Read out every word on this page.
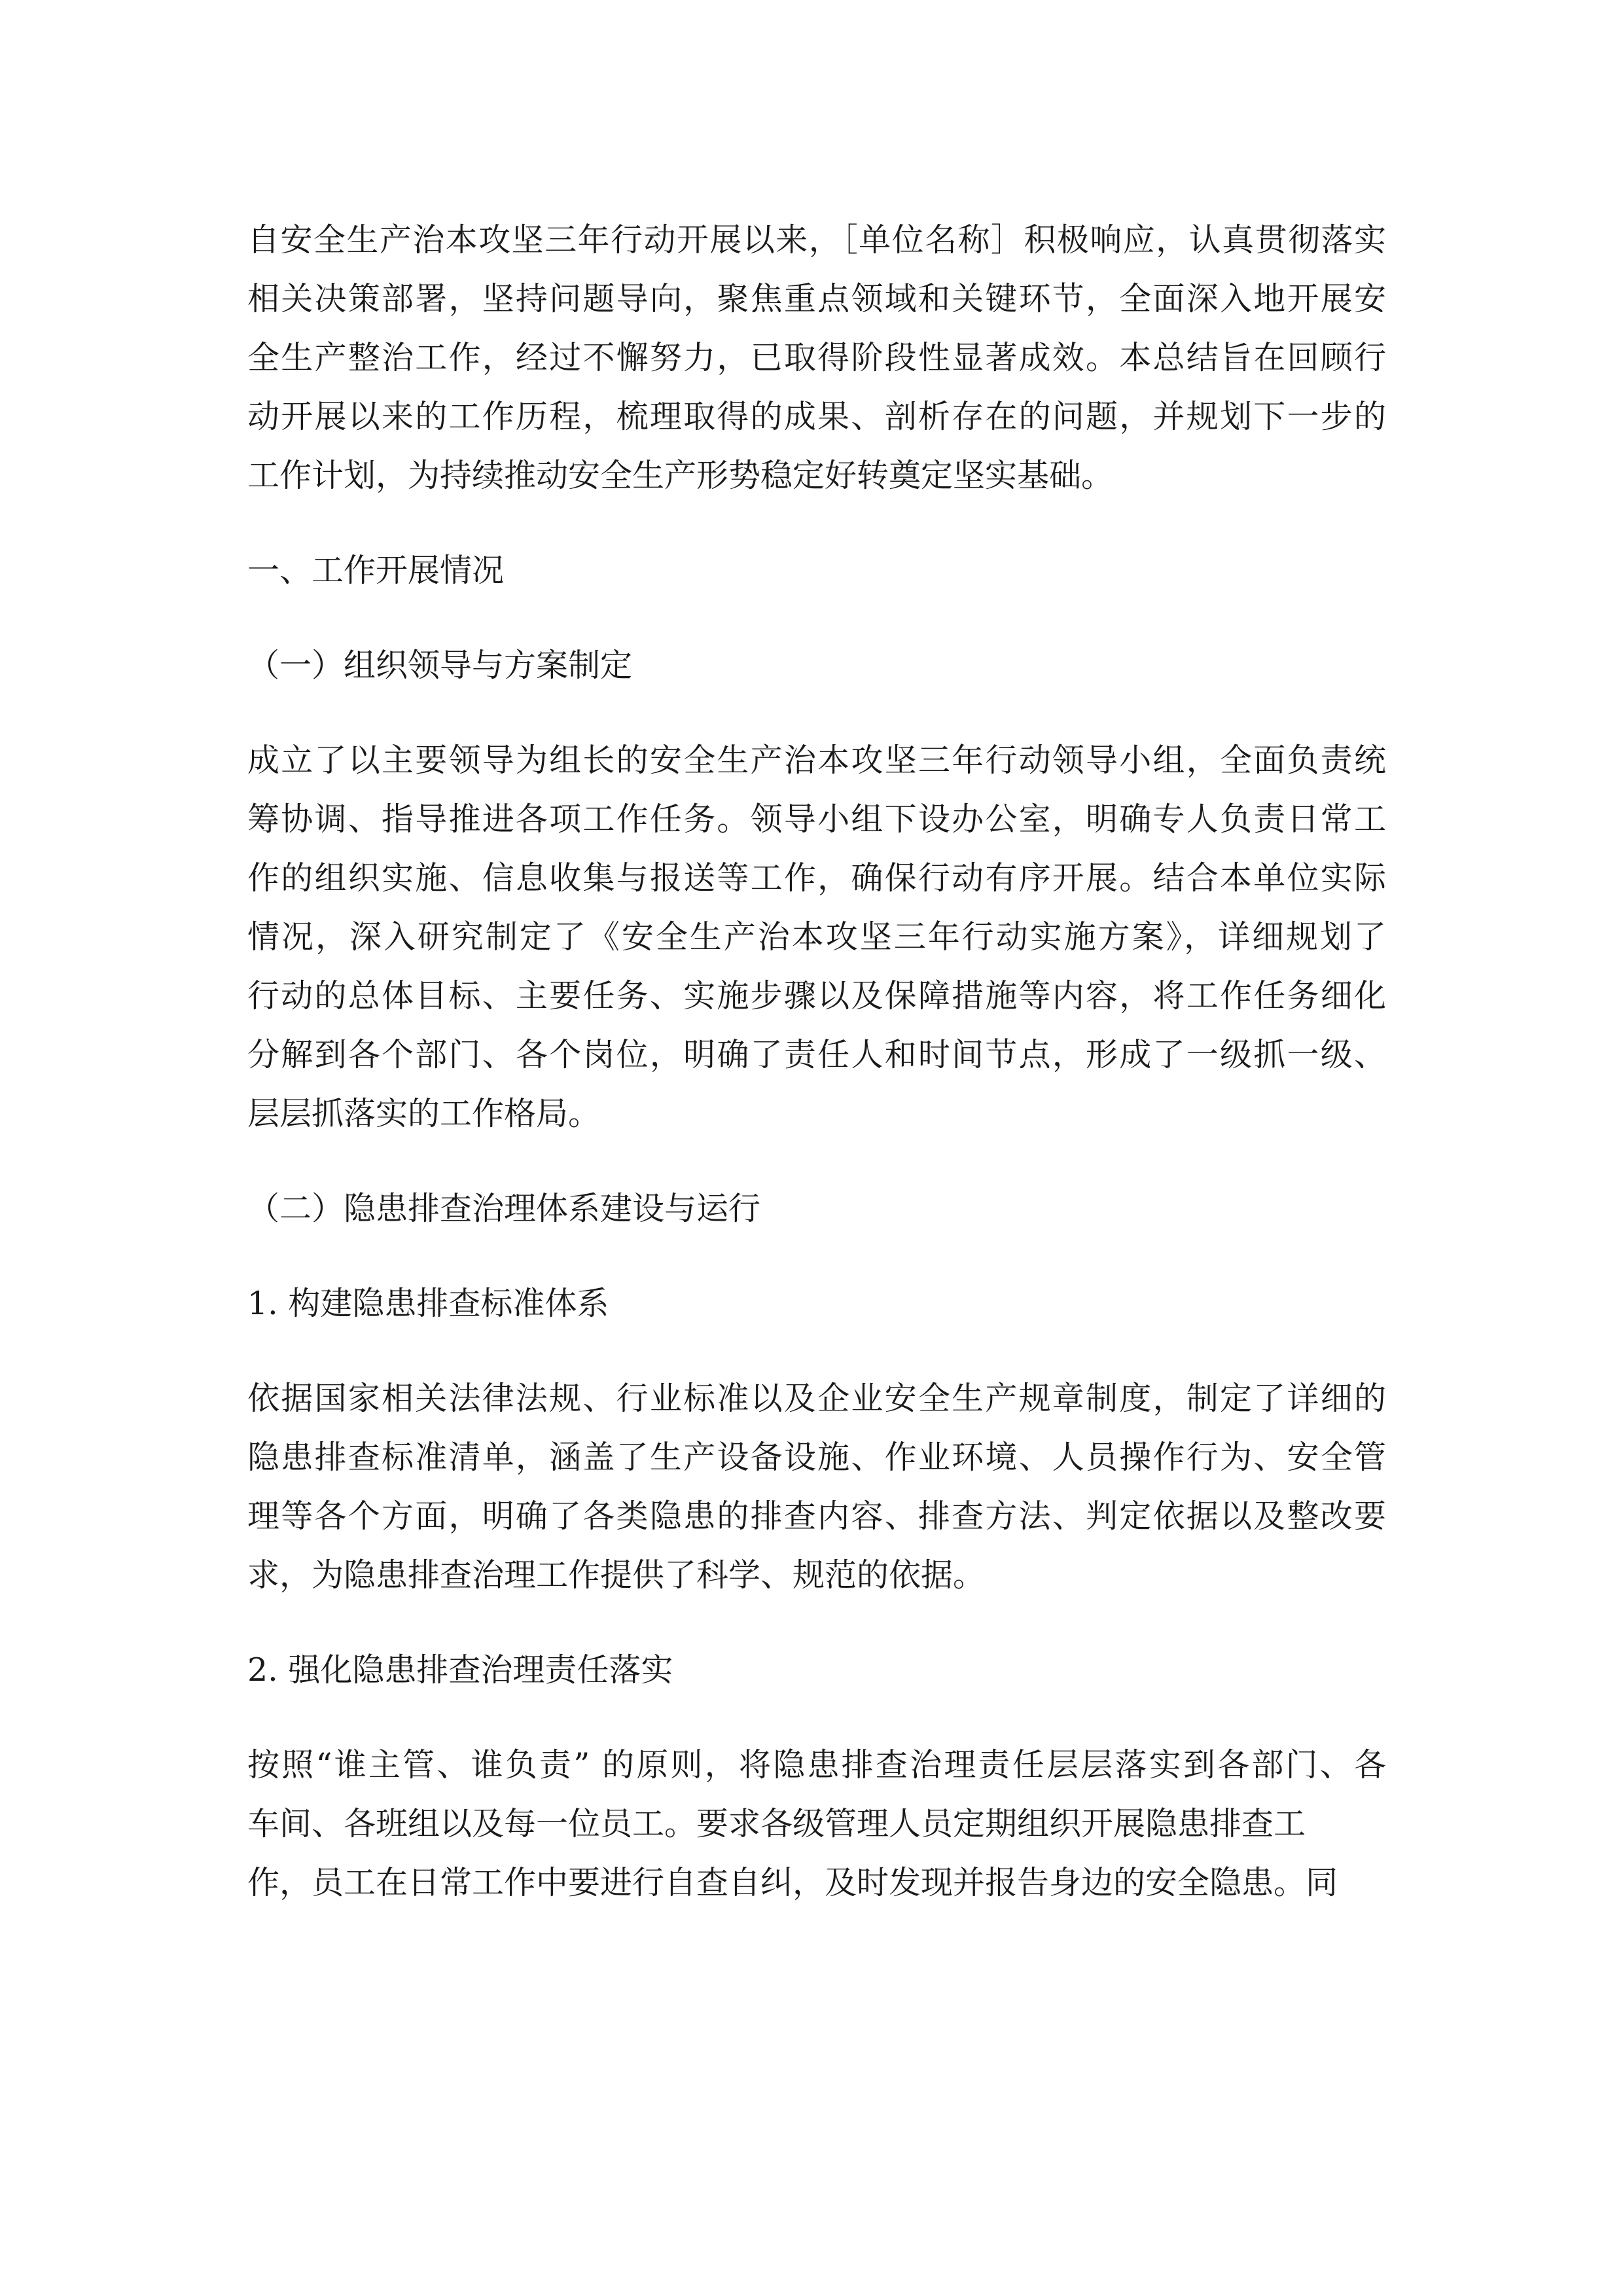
自安全生产治本攻坚三年行动开展以来，［单位名称］积极响应，认真贯彻落实
相关决策部署，坚持问题导向，聚焦重点领域和关键环节，全面深入地开展安
全生产整治工作，经过不懈努力，已取得阶段性显著成效。本总结旨在回顾行
动开展以来的工作历程，梳理取得的成果、剖析存在的问题，并规划下一步的
工作计划，为持续推动安全生产形势稳定好转奠定坚实基础。
一、工作开展情况
（一）组织领导与方案制定
成立了以主要领导为组长的安全生产治本攻坚三年行动领导小组，全面负责统
筹协调、指导推进各项工作任务。领导小组下设办公室，明确专人负责日常工
作的组织实施、信息收集与报送等工作，确保行动有序开展。结合本单位实际
情况，深入研究制定了《安全生产治本攻坚三年行动实施方案》，详细规划了
行动的总体目标、主要任务、实施步骤以及保障措施等内容，将工作任务细化
分解到各个部门、各个岗位，明确了责任人和时间节点，形成了一级抓一级、
层层抓落实的工作格局。
（二）隐患排查治理体系建设与运行
1. 构建隐患排查标准体系
依据国家相关法律法规、行业标准以及企业安全生产规章制度，制定了详细的
隐患排查标准清单，涵盖了生产设备设施、作业环境、人员操作行为、安全管
理等各个方面，明确了各类隐患的排查内容、排查方法、判定依据以及整改要
求，为隐患排查治理工作提供了科学、规范的依据。
2. 强化隐患排查治理责任落实
按照“谁主管、谁负责” 的原则，将隐患排查治理责任层层落实到各部门、各
车间、各班组以及每一位员工。要求各级管理人员定期组织开展隐患排查工
作，员工在日常工作中要进行自查自纠，及时发现并报告身边的安全隐患。同
